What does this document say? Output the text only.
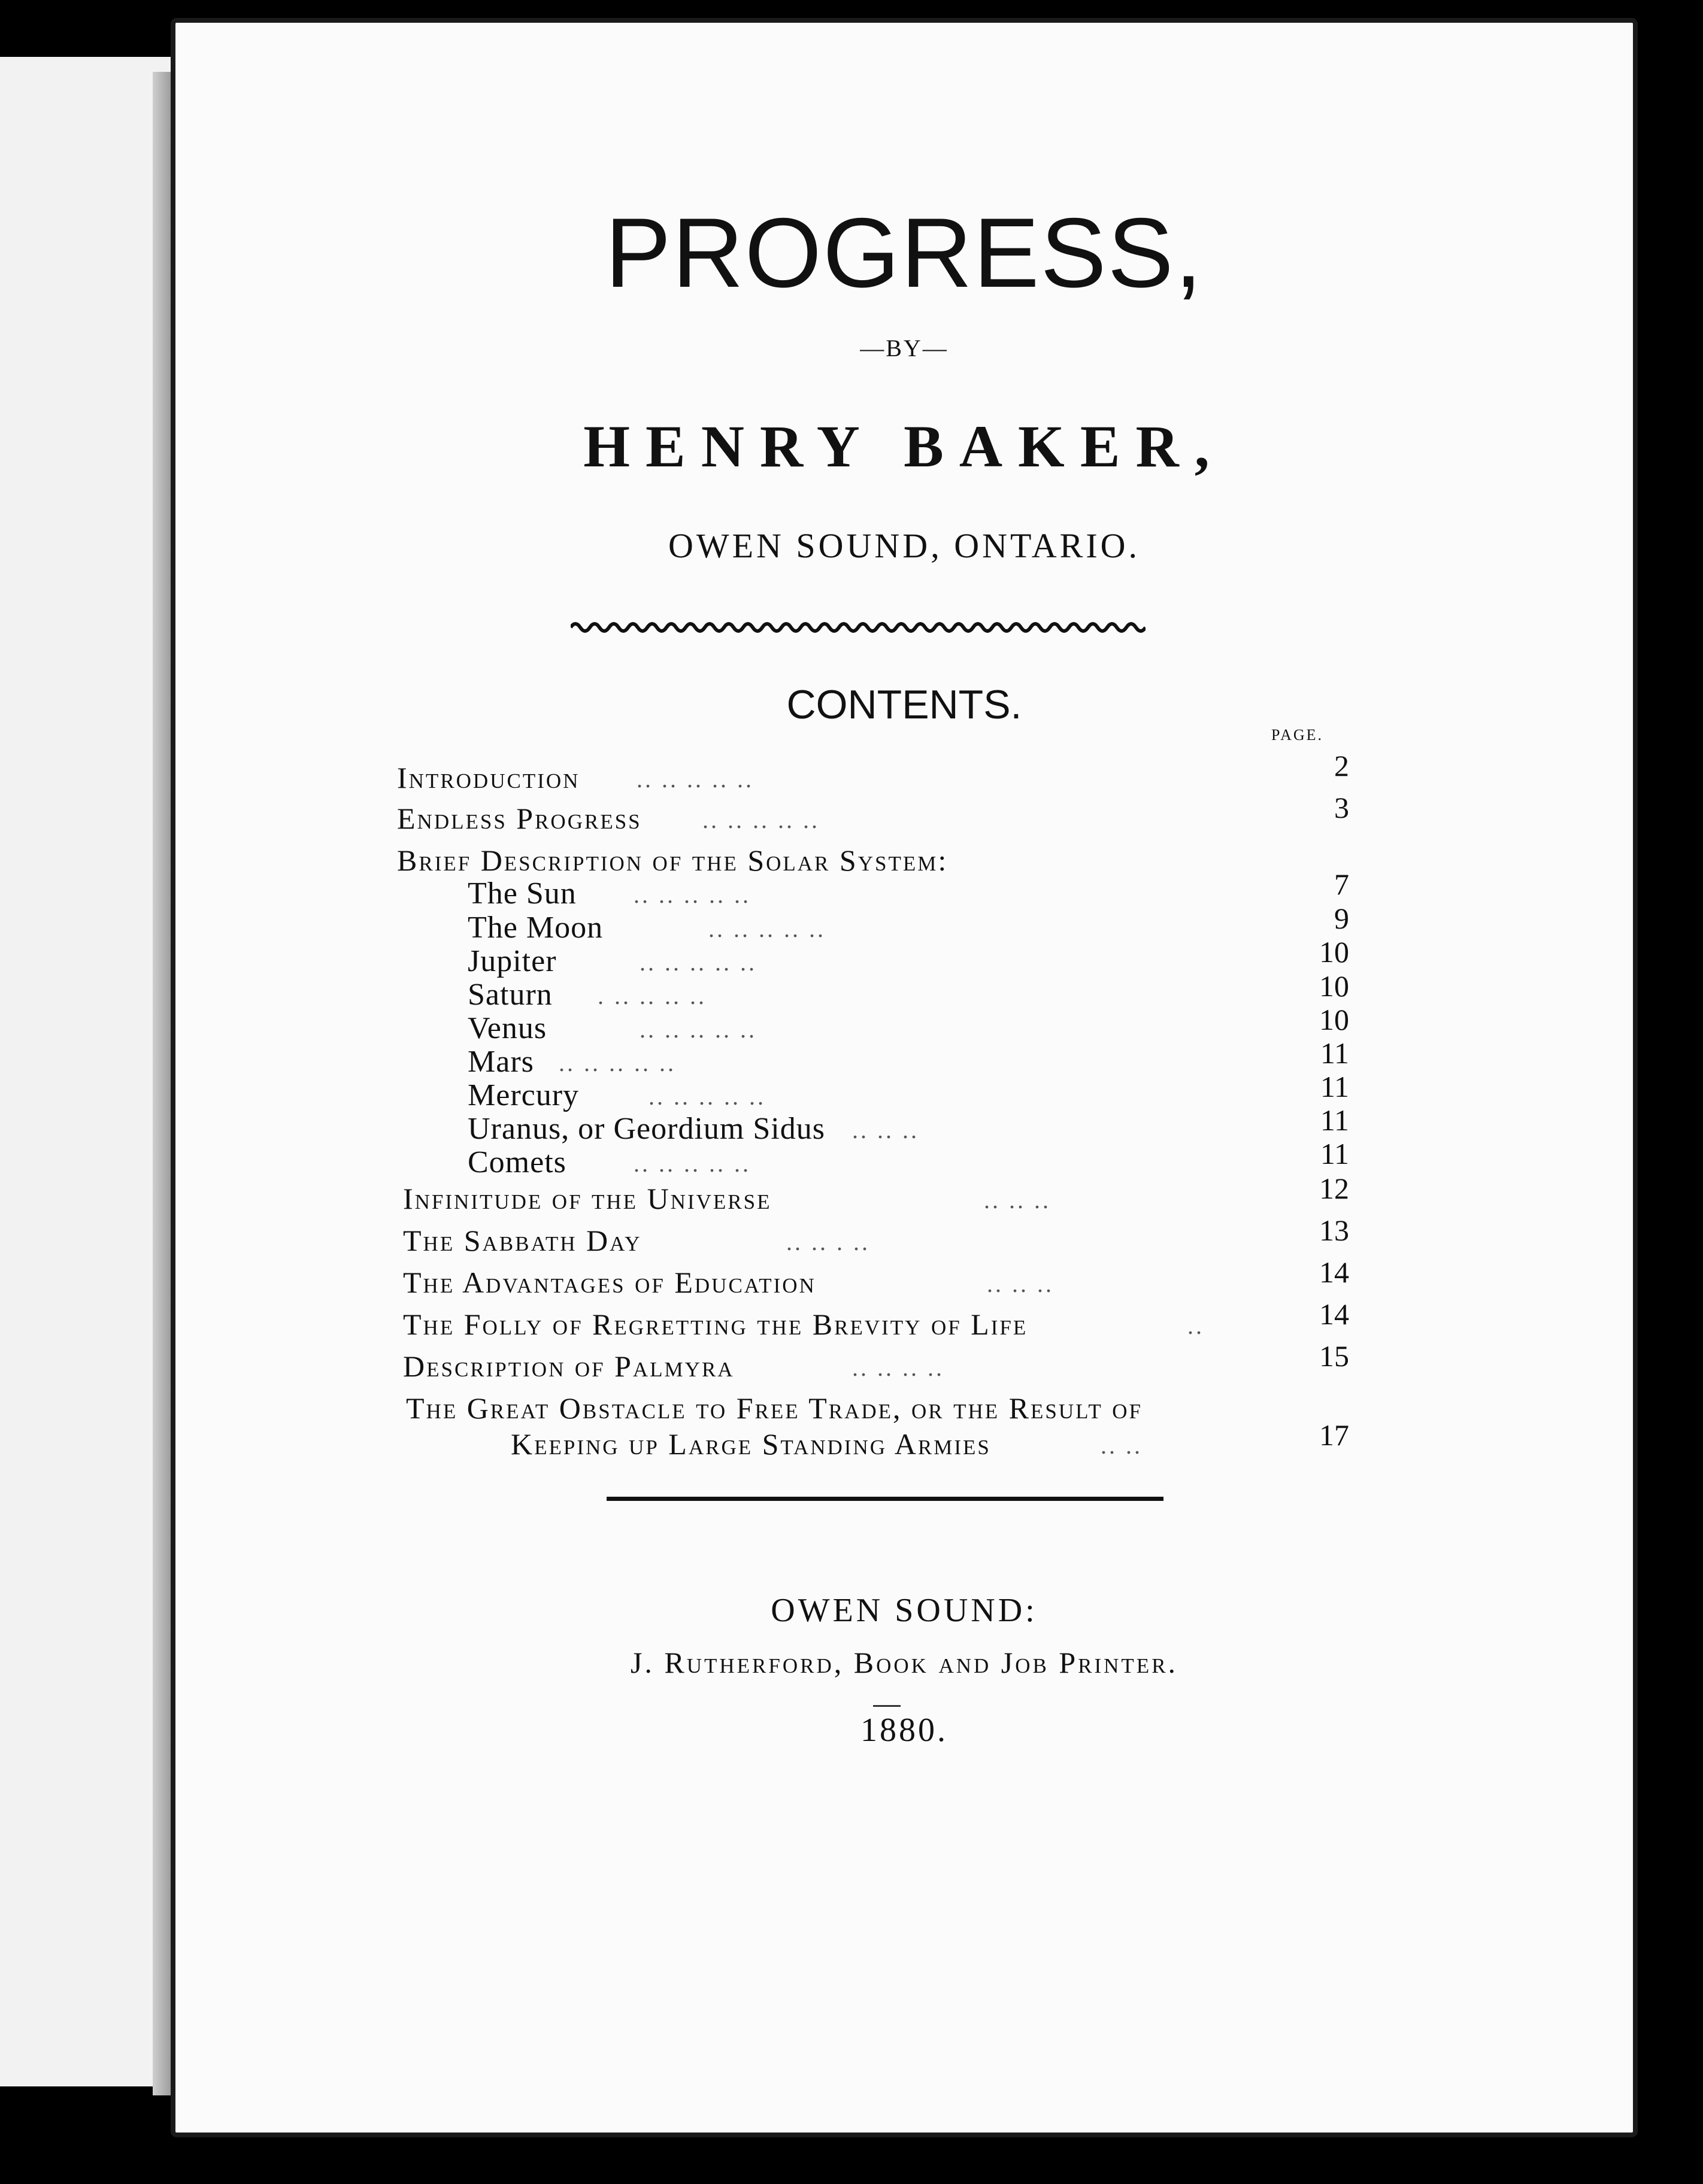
PROGRESS,
—BY—
HENRY BAKER,
OWEN SOUND, ONTARIO.
CONTENTS.
PAGE.
Introduction .. .. .. .. ..	2
Endless Progress	.. .. .. .. ..	3
Brief Description of the Solar System:
The Sun .. .. .. .. ..	7
The Moon	.. .. .. .. ..	9
Jupiter	.. .. .. .. ..	10
Saturn . .. .. .. ..	10
Venus	.. .. .. .. ..	10
Mars .. .. .. .. ..	11
Mercury	.. .. .. .. ..	11
Uranus, or Geordium Sidus .. .. ..	11
Comets	.. .. .. .. ..	11
Infinitude of the Universe	.. .. ..	12
The Sabbath Day	.. .. . ..	13
The Advantages of Education	.. .. ..	14
The Folly of Regretting the Brevity of Life	..	14
Description of Palmyra	.. .. .. ..	15
The Great Obstacle to Free Trade, or the Result of
Keeping up Large Standing Armies	.. ..	17
OWEN SOUND:
J. Rutherford, Book and Job Printer.
1880.
